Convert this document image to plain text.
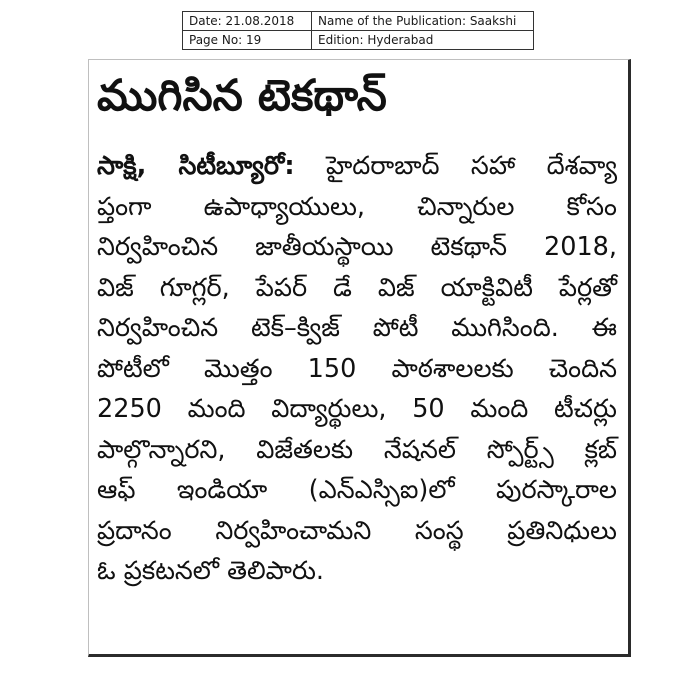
Date: 21.08.2018	Name of the Publication: Saakshi
Page No: 19	Edition: Hyderabad
ముగిసిన టెకథాన్
సాక్షి, సిటీబ్యూరో: హైదరాబాద్ సహా దేశవ్యా
ప్తంగా ఉపాధ్యాయులు, చిన్నారుల కోసం
నిర్వహించిన జాతీయస్థాయి టెకథాన్ 2018,
విజ్ గూగ్లర్, పేపర్ డే విజ్ యాక్టివిటీ పేర్లతో
నిర్వహించిన టెక్–క్విజ్ పోటీ ముగిసింది. ఈ
పోటీలో మొత్తం 150 పాఠశాలలకు చెందిన
2250 మంది విద్యార్థులు, 50 మంది టీచర్లు
పాల్గొన్నారని, విజేతలకు నేషనల్ స్పోర్ట్స్ క్లబ్
ఆఫ్ ఇండియా (ఎన్ఎస్సిఐ)లో పురస్కారాల
ప్రదానం నిర్వహించామని సంస్థ ప్రతినిధులు
ఓ ప్రకటనలో తెలిపారు.
